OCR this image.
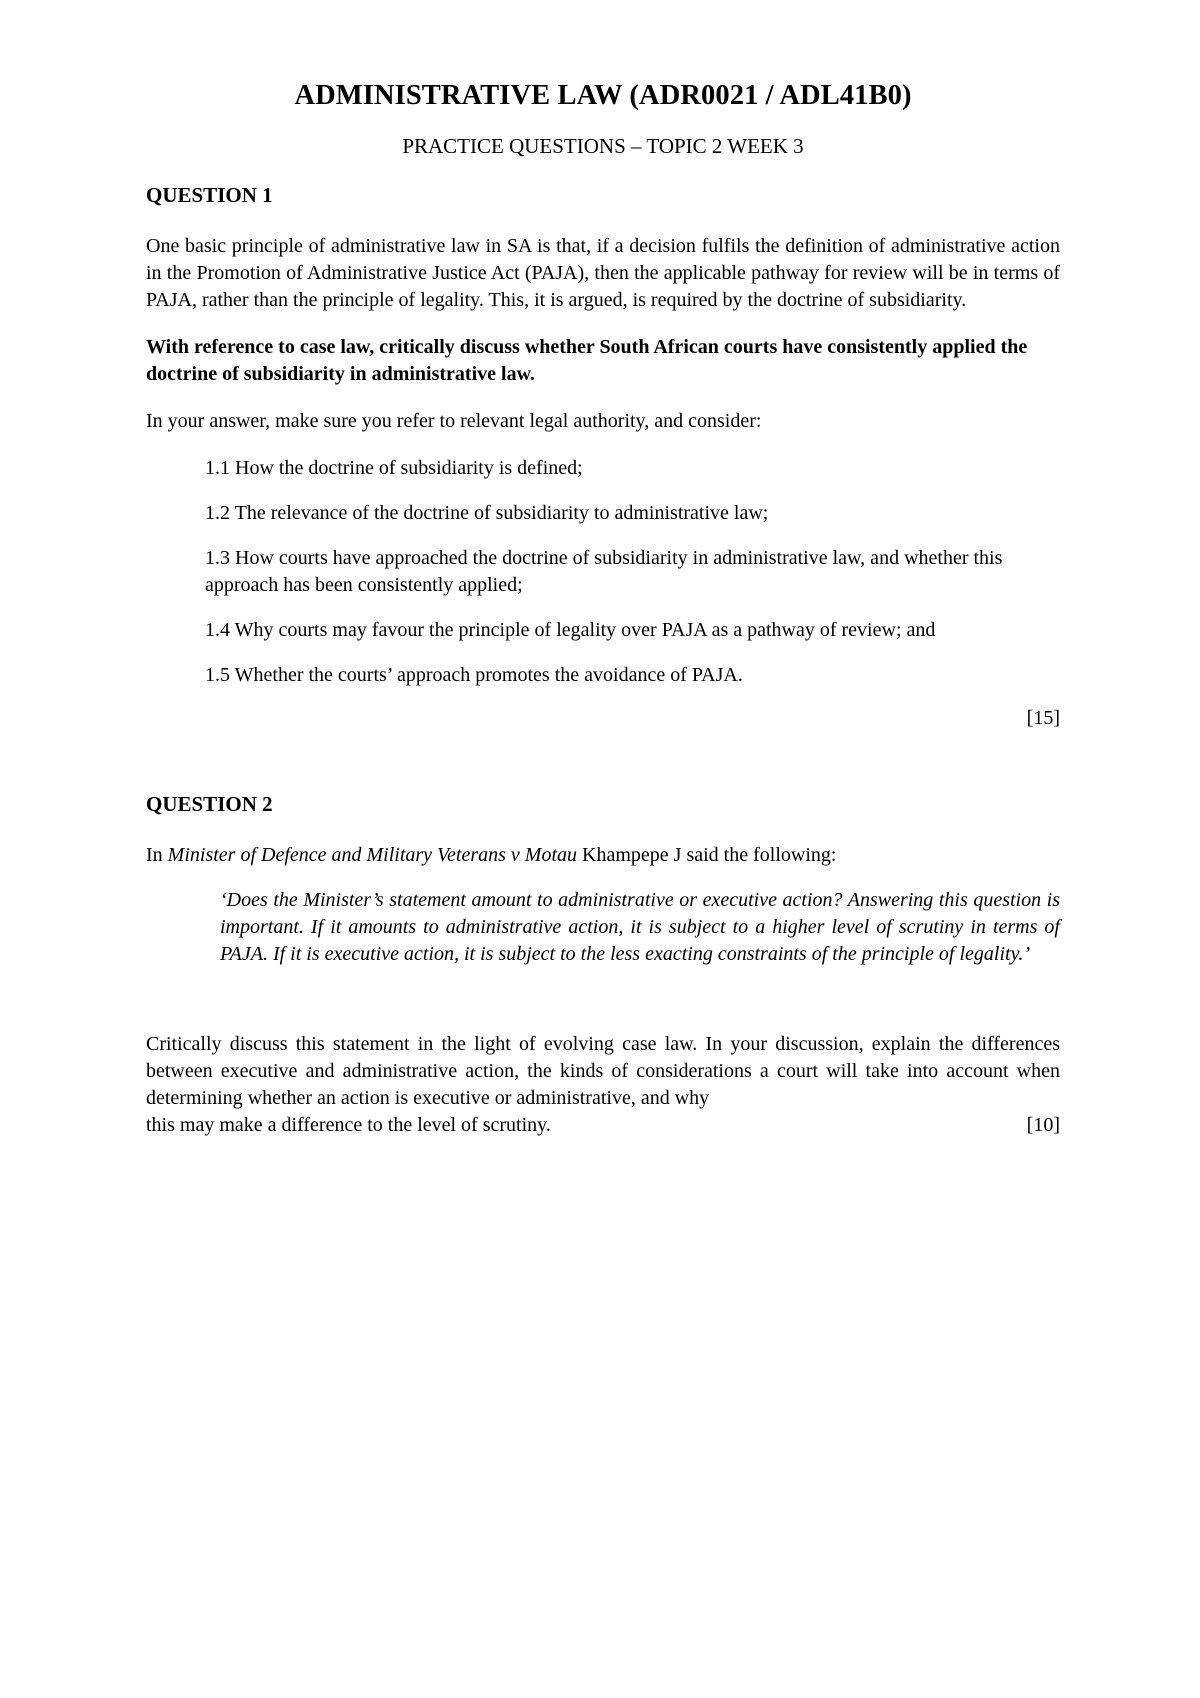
ADMINISTRATIVE LAW (ADR0021 / ADL41B0)
PRACTICE QUESTIONS – TOPIC 2 WEEK 3
QUESTION 1

One basic principle of administrative law in SA is that, if a decision fulfils the definition of administrative action in the Promotion of Administrative Justice Act (PAJA), then the applicable pathway for review will be in terms of PAJA, rather than the principle of legality. This, it is argued, is required by the doctrine of subsidiarity.

With reference to case law, critically discuss whether South African courts have consistently applied the doctrine of subsidiarity in administrative law.

In your answer, make sure you refer to relevant legal authority, and consider:

1.1 How the doctrine of subsidiarity is defined;
1.2 The relevance of the doctrine of subsidiarity to administrative law;
1.3 How courts have approached the doctrine of subsidiarity in administrative law, and whether this approach has been consistently applied;
1.4 Why courts may favour the principle of legality over PAJA as a pathway of review; and
1.5 Whether the courts’ approach promotes the avoidance of PAJA.

[15]

QUESTION 2

In Minister of Defence and Military Veterans v Motau Khampepe J said the following:

‘Does the Minister’s statement amount to administrative or executive action? Answering this question is important. If it amounts to administrative action, it is subject to a higher level of scrutiny in terms of PAJA. If it is executive action, it is subject to the less exacting constraints of the principle of legality.’

Critically discuss this statement in the light of evolving case law. In your discussion, explain the differences between executive and administrative action, the kinds of considerations a court will take into account when determining whether an action is executive or administrative, and why
this may make a difference to the level of scrutiny.	[10]
